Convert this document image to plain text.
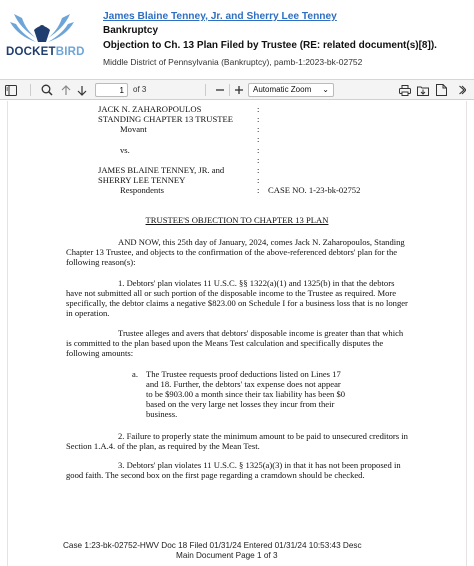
DOCKETBIRD
James Blaine Tenney, Jr. and Sherry Lee Tenney
Bankruptcy
Objection to Ch. 13 Plan Filed by Trustee (RE: related document(s)[8]).
Middle District of Pennsylvania (Bankruptcy), pamb-1:2023-bk-02752
1
of 3	Automatic Zoom ⌄
JACK N. ZAHAROPOULOS
STANDING CHAPTER 13 TRUSTEE
Movant
vs.
JAMES BLAINE TENNEY, JR. and
SHERRY LEE TENNEY
Respondents	CASE NO. 1-23-bk-02752
:
:
:
:
:
:
:
:
:
TRUSTEE'S OBJECTION TO CHAPTER 13 PLAN
AND NOW, this 25th day of January, 2024, comes Jack N. Zaharopoulos, Standing Chapter 13 Trustee, and objects to the confirmation of the above-referenced debtors' plan for the following reason(s):
1. Debtors' plan violates 11 U.S.C. §§ 1322(a)(1) and 1325(b) in that the debtors have not submitted all or such portion of the disposable income to the Trustee as required. More specifically, the debtor claims a negative $823.00 on Schedule I for a business loss that is no longer in operation.
Trustee alleges and avers that debtors' disposable income is greater than that which is committed to the plan based upon the Means Test calculation and specifically disputes the following amounts:
a. The Trustee requests proof deductions listed on Lines 17 and 18. Further, the debtors' tax expense does not appear to be $903.00 a month since their tax liability has been $0 based on the very large net losses they incur from their business.
2. Failure to properly state the minimum amount to be paid to unsecured creditors in Section 1.A.4. of the plan, as required by the Mean Test.
3. Debtors' plan violates 11 U.S.C. § 1325(a)(3) in that it has not been proposed in good faith. The second box on the first page regarding a cramdown should be checked.
Case 1:23-bk-02752-HWV Doc 18 Filed 01/31/24 Entered 01/31/24 10:53:43 Desc
Main Document Page 1 of 3
